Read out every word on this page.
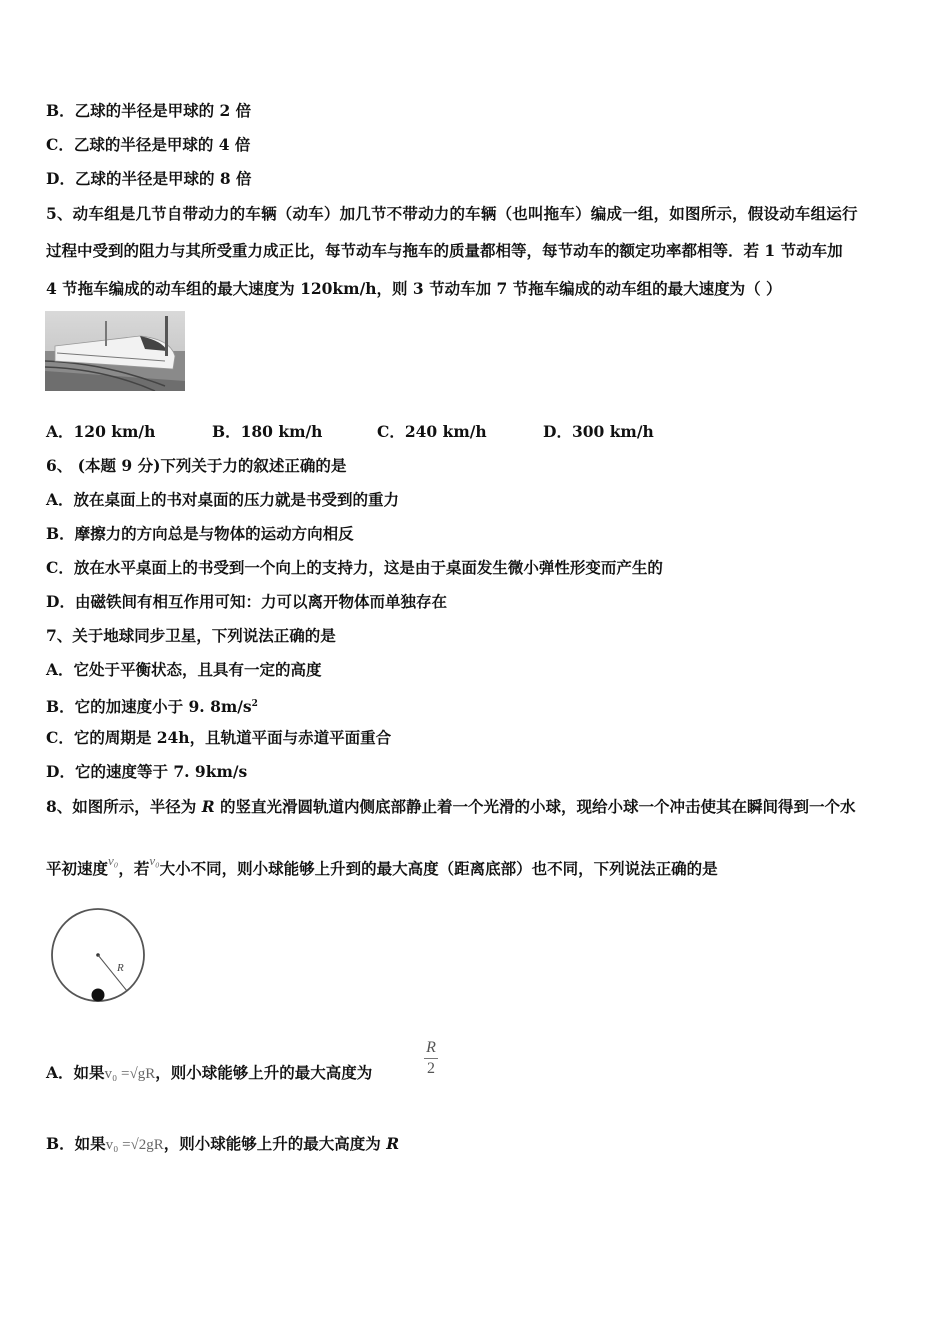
B．乙球的半径是甲球的 2 倍
C．乙球的半径是甲球的 4 倍
D．乙球的半径是甲球的 8 倍
5、动车组是几节自带动力的车辆（动车）加几节不带动力的车辆（也叫拖车）编成一组，如图所示，假设动车组运行
过程中受到的阻力与其所受重力成正比，每节动车与拖车的质量都相等，每节动车的额定功率都相等．若 1 节动车加
4 节拖车编成的动车组的最大速度为 120km/h，则 3 节动车加 7 节拖车编成的动车组的最大速度为（ ）
A．120 km/h	B．180 km/h	C．240 km/h	D．300 km/h
6、 (本题 9 分)下列关于力的叙述正确的是
A．放在桌面上的书对桌面的压力就是书受到的重力
B．摩擦力的方向总是与物体的运动方向相反
C．放在水平桌面上的书受到一个向上的支持力，这是由于桌面发生微小弹性形变而产生的
D．由磁铁间有相互作用可知：力可以离开物体而单独存在
7、关于地球同步卫星，下列说法正确的是
A．它处于平衡状态，且具有一定的高度
B．它的加速度小于 9. $8m/s^2$
C．它的周期是 24h，且轨道平面与赤道平面重合
D．它的速度等于 7. 9km/s
8、如图所示，半径为 R 的竖直光滑圆轨道内侧底部静止着一个光滑的小球，现给小球一个冲击使其在瞬间得到一个水
平初速度$^{v_0}$，若$^{v_0}$大小不同，则小球能够上升到的最大高度（距离底部）也不同，下列说法正确的是
R
A．如果v₀ =√gR，则小球能够上升的最大高度为
R
2
B．如果v₀ =√2gR，则小球能够上升的最大高度为 R
